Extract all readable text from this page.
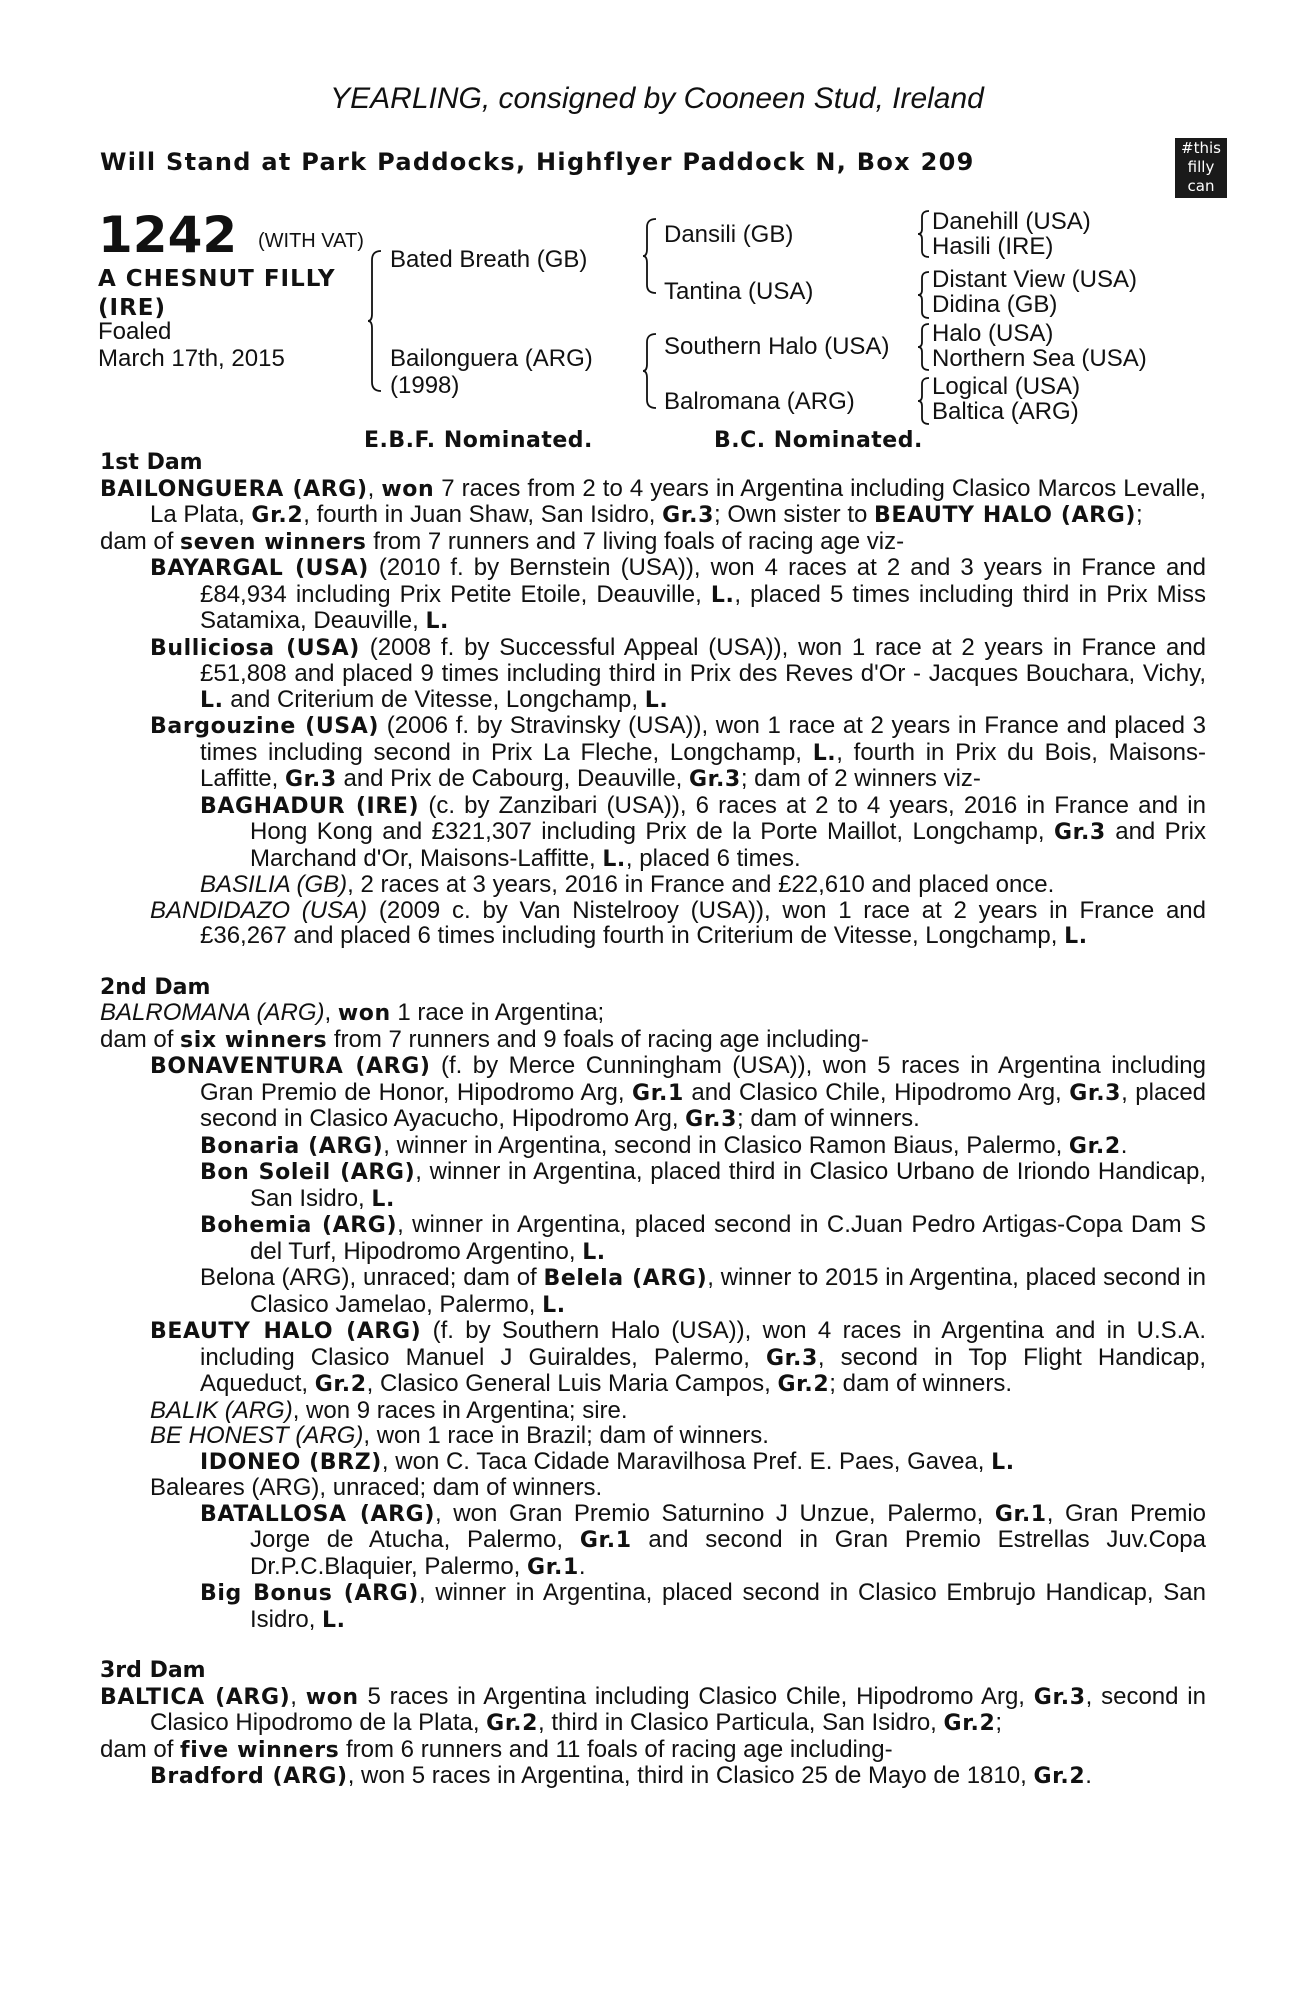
YEARLING, consigned by Cooneen Stud, Ireland
Will Stand at Park Paddocks, Highflyer Paddock N, Box 209	#this
filly
can
1242 (WITH VAT)
A CHESNUT FILLY
(IRE)
Foaled
March 17th, 2015
Bated Breath (GB)
Bailonguera (ARG)
(1998)
Dansili (GB)
Tantina (USA)
Southern Halo (USA)
Balromana (ARG)
Danehill (USA)
Hasili (IRE)
Distant View (USA)
Didina (GB)
Halo (USA)
Northern Sea (USA)
Logical (USA)
Baltica (ARG)
E.B.F. Nominated.	B.C. Nominated.
1st Dam

BAILONGUERA (ARG), won 7 races from 2 to 4 years in Argentina including Clasico Marcos Levalle, La Plata, Gr.2, fourth in Juan Shaw, San Isidro, Gr.3; Own sister to BEAUTY HALO (ARG);

dam of seven winners from 7 runners and 7 living foals of racing age viz-

BAYARGAL (USA) (2010 f. by Bernstein (USA)), won 4 races at 2 and 3 years in France and £84,934 including Prix Petite Etoile, Deauville, L., placed 5 times including third in Prix Miss Satamixa, Deauville, L.

Bulliciosa (USA) (2008 f. by Successful Appeal (USA)), won 1 race at 2 years in France and £51,808 and placed 9 times including third in Prix des Reves d'Or - Jacques Bouchara, Vichy, L. and Criterium de Vitesse, Longchamp, L.

Bargouzine (USA) (2006 f. by Stravinsky (USA)), won 1 race at 2 years in France and placed 3 times including second in Prix La Fleche, Longchamp, L., fourth in Prix du Bois, Maisons-Laffitte, Gr.3 and Prix de Cabourg, Deauville, Gr.3; dam of 2 winners viz-

BAGHADUR (IRE) (c. by Zanzibari (USA)), 6 races at 2 to 4 years, 2016 in France and in Hong Kong and £321,307 including Prix de la Porte Maillot, Longchamp, Gr.3 and Prix Marchand d'Or, Maisons-Laffitte, L., placed 6 times.

BASILIA (GB), 2 races at 3 years, 2016 in France and £22,610 and placed once.

BANDIDAZO (USA) (2009 c. by Van Nistelrooy (USA)), won 1 race at 2 years in France and £36,267 and placed 6 times including fourth in Criterium de Vitesse, Longchamp, L.

2nd Dam

BALROMANA (ARG), won 1 race in Argentina;

dam of six winners from 7 runners and 9 foals of racing age including-

BONAVENTURA (ARG) (f. by Merce Cunningham (USA)), won 5 races in Argentina including Gran Premio de Honor, Hipodromo Arg, Gr.1 and Clasico Chile, Hipodromo Arg, Gr.3, placed second in Clasico Ayacucho, Hipodromo Arg, Gr.3; dam of winners.

Bonaria (ARG), winner in Argentina, second in Clasico Ramon Biaus, Palermo, Gr.2.

Bon Soleil (ARG), winner in Argentina, placed third in Clasico Urbano de Iriondo Handicap, San Isidro, L.

Bohemia (ARG), winner in Argentina, placed second in C.Juan Pedro Artigas-Copa Dam S del Turf, Hipodromo Argentino, L.

Belona (ARG), unraced; dam of Belela (ARG), winner to 2015 in Argentina, placed second in Clasico Jamelao, Palermo, L.

BEAUTY HALO (ARG) (f. by Southern Halo (USA)), won 4 races in Argentina and in U.S.A. including Clasico Manuel J Guiraldes, Palermo, Gr.3, second in Top Flight Handicap, Aqueduct, Gr.2, Clasico General Luis Maria Campos, Gr.2; dam of winners.

BALIK (ARG), won 9 races in Argentina; sire.

BE HONEST (ARG), won 1 race in Brazil; dam of winners.

IDONEO (BRZ), won C. Taca Cidade Maravilhosa Pref. E. Paes, Gavea, L.

Baleares (ARG), unraced; dam of winners.

BATALLOSA (ARG), won Gran Premio Saturnino J Unzue, Palermo, Gr.1, Gran Premio Jorge de Atucha, Palermo, Gr.1 and second in Gran Premio Estrellas Juv.Copa Dr.P.C.Blaquier, Palermo, Gr.1.

Big Bonus (ARG), winner in Argentina, placed second in Clasico Embrujo Handicap, San Isidro, L.

3rd Dam

BALTICA (ARG), won 5 races in Argentina including Clasico Chile, Hipodromo Arg, Gr.3, second in Clasico Hipodromo de la Plata, Gr.2, third in Clasico Particula, San Isidro, Gr.2;

dam of five winners from 6 runners and 11 foals of racing age including-

Bradford (ARG), won 5 races in Argentina, third in Clasico 25 de Mayo de 1810, Gr.2.
